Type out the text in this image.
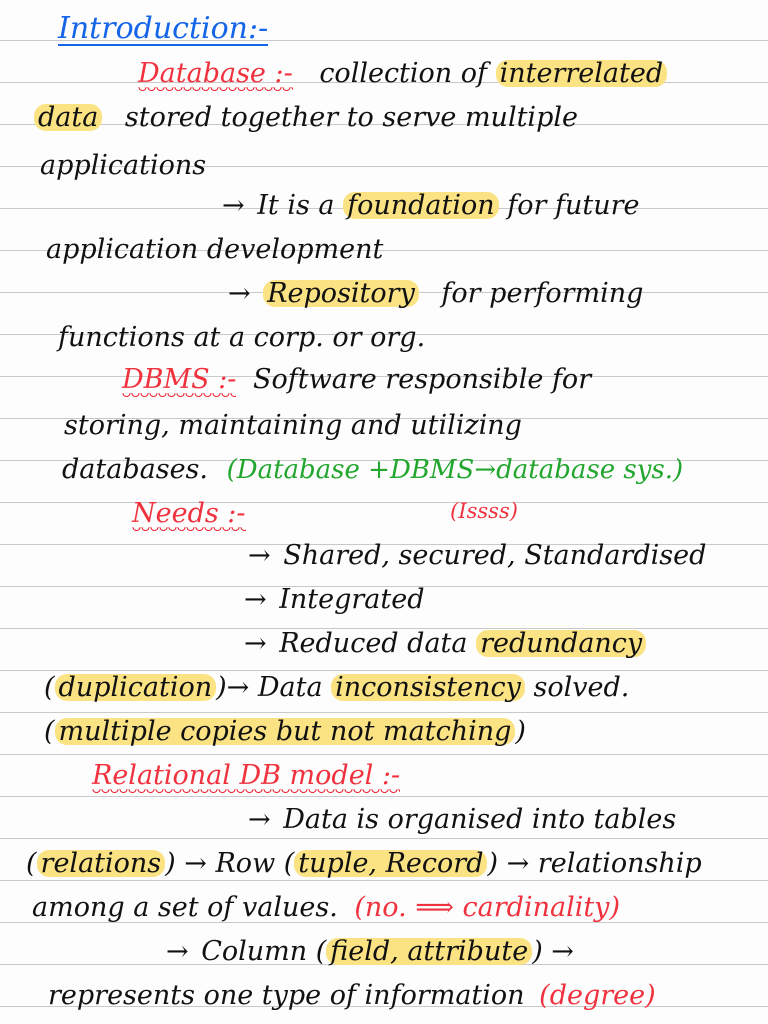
Introduction:-
Database :- collection of interrelated
data stored together to serve multiple
applications
→ It is a foundation for future
application development
→ Repository for performing
functions at a corp. or org.
DBMS :- Software responsible for
storing, maintaining and utilizing
databases. (Database +DBMS→database sys.)
Needs :-	(Issss)
→ Shared, secured, Standardised
→ Integrated
→ Reduced data redundancy
( duplication )→ Data inconsistency solved.
( multiple copies but not matching )
Relational DB model :-
→ Data is organised into tables
( relations ) → Row ( tuple, Record ) → relationship
among a set of values. (no. ⟹ cardinality)
→ Column ( field, attribute ) →
represents one type of information (degree)
